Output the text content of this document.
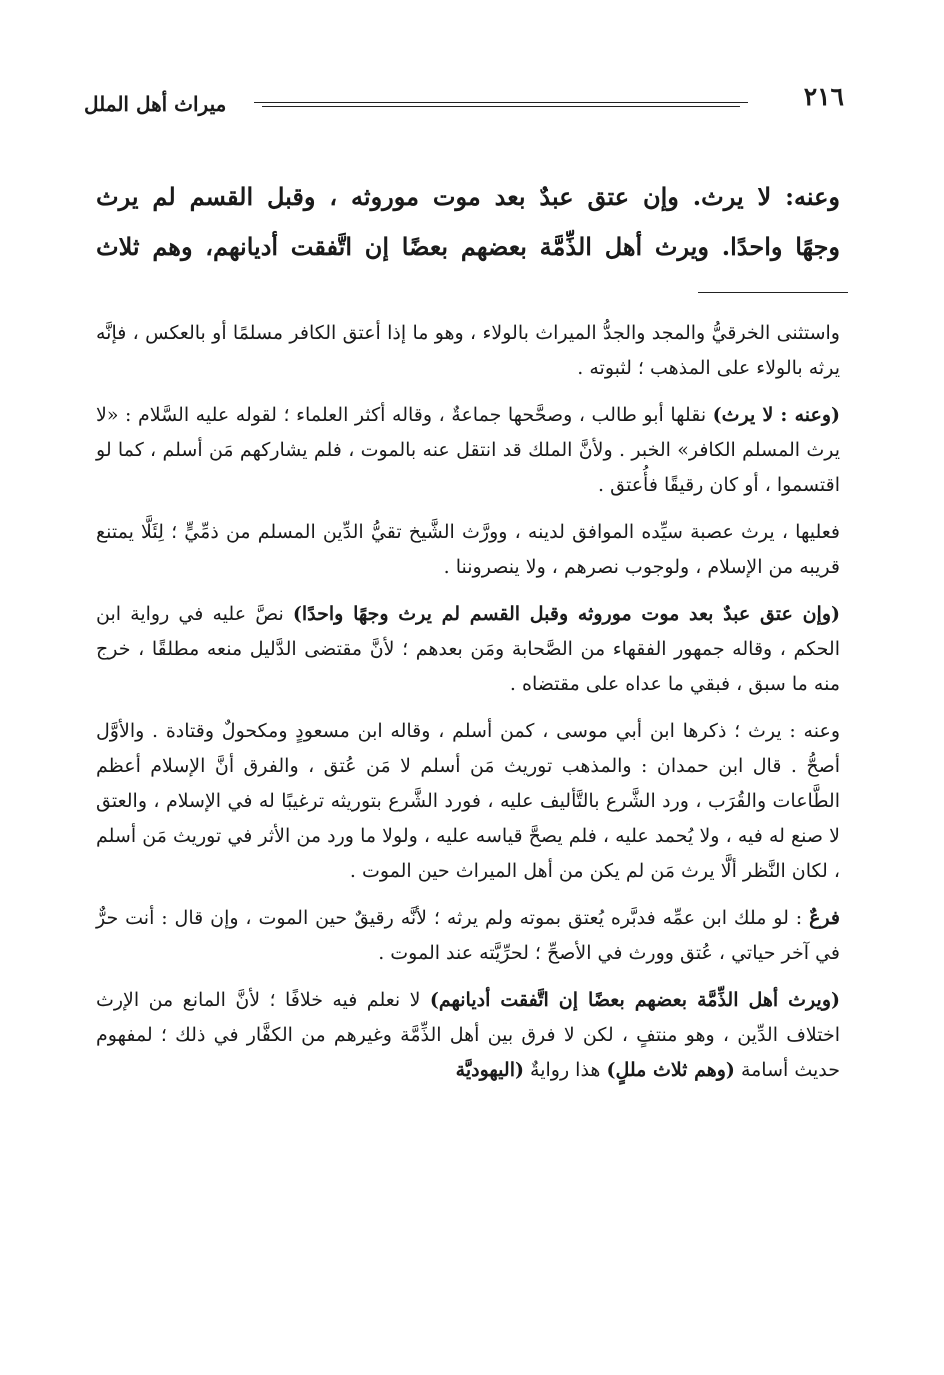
٢١٦
ميراث أهل الملل

وعنه: لا يرث. وإن عتق عبدٌ بعد موت موروثه ، وقبل القسم لم يرث

وجهًا واحدًا. ويرث أهل الذِّمَّة بعضهم بعضًا إن اتَّفقت أديانهم، وهم ثلاث

واستثنى الخرقيُّ والمجد والجدُّ الميراث بالولاء ، وهو ما إذا أعتق الكافر مسلمًا أو بالعكس ، فإنَّه يرثه بالولاء على المذهب ؛ لثبوته .

(وعنه : لا يرث) نقلها أبو طالب ، وصحَّحها جماعةٌ ، وقاله أكثر العلماء ؛ لقوله عليه السَّلام : «لا يرث المسلم الكافر» الخبر . ولأنَّ الملك قد انتقل عنه بالموت ، فلم يشاركهم مَن أسلم ، كما لو اقتسموا ، أو كان رقيقًا فأُعتق .

فعليها ، يرث عصبة سيِّده الموافق لدينه ، وورَّث الشَّيخ تقيُّ الدِّين المسلم من ذمِّيٍّ ؛ لِئَلَّا يمتنع قريبه من الإسلام ، ولوجوب نصرهم ، ولا ينصروننا .

(وإن عتق عبدٌ بعد موت موروثه وقبل القسم لم يرث وجهًا واحدًا) نصَّ عليه في رواية ابن الحكم ، وقاله جمهور الفقهاء من الصَّحابة ومَن بعدهم ؛ لأنَّ مقتضى الدَّليل منعه مطلقًا ، خرج منه ما سبق ، فبقي ما عداه على مقتضاه .

وعنه : يرث ؛ ذكرها ابن أبي موسى ، كمن أسلم ، وقاله ابن مسعودٍ ومكحولٌ وقتادة . والأوَّل أصحُّ . قال ابن حمدان : والمذهب توريث مَن أسلم لا مَن عُتق ، والفرق أنَّ الإسلام أعظم الطَّاعات والقُرَب ، ورد الشَّرع بالتَّأليف عليه ، فورد الشَّرع بتوريثه ترغيبًا له في الإسلام ، والعتق لا صنع له فيه ، ولا يُحمد عليه ، فلم يصحَّ قياسه عليه ، ولولا ما ورد من الأثر في توريث مَن أسلم ، لكان النَّظر ألَّا يرث مَن لم يكن من أهل الميراث حين الموت .

فرعٌ : لو ملك ابن عمِّه فدبَّره يُعتق بموته ولم يرثه ؛ لأنَّه رقيقٌ حين الموت ، وإن قال : أنت حرٌّ في آخر حياتي ، عُتق وورث في الأصحِّ ؛ لحرِّيَّته عند الموت .

(ويرث أهل الذِّمَّة بعضهم بعضًا إن اتَّفقت أديانهم) لا نعلم فيه خلافًا ؛ لأنَّ المانع من الإرث اختلاف الدِّين ، وهو منتفٍ ، لكن لا فرق بين أهل الذِّمَّة وغيرهم من الكفَّار في ذلك ؛ لمفهوم حديث أسامة (وهم ثلاث مللٍ) هذا روايةٌ (اليهوديَّة
